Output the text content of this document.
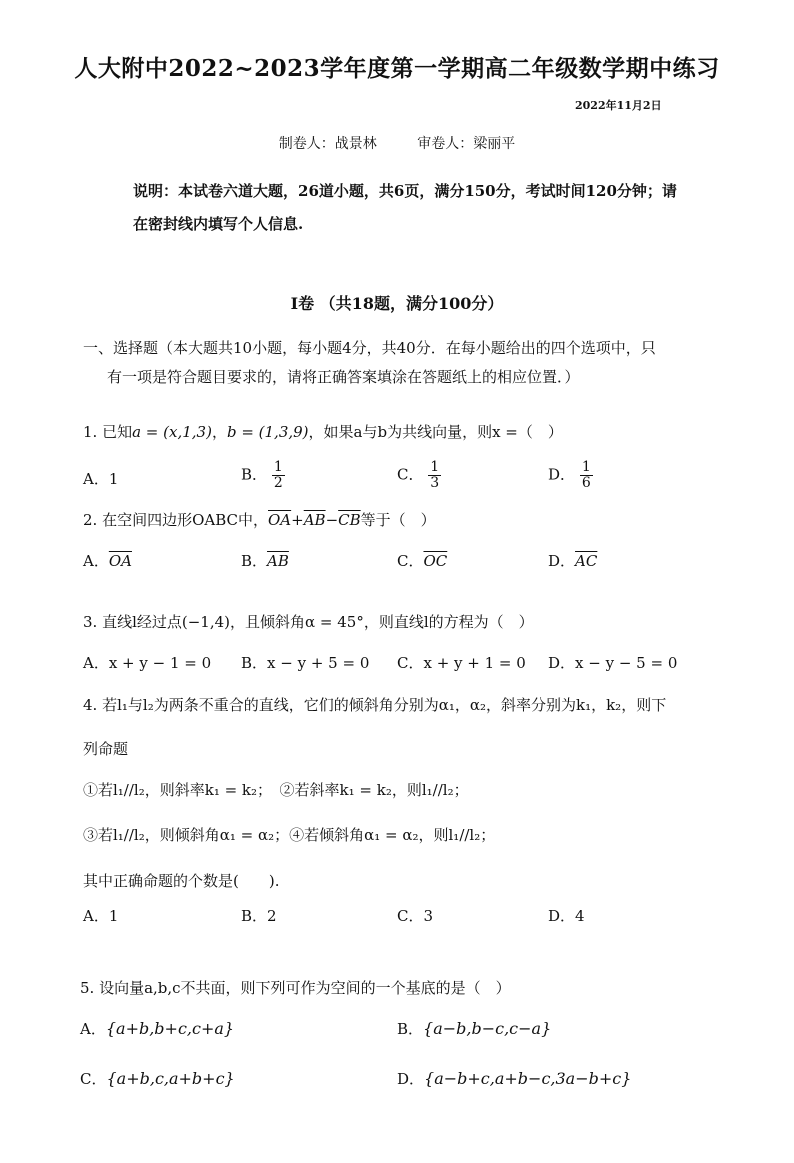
人大附中2022~2023学年度第一学期高二年级数学期中练习
2022年11月2日
制卷人：战景林	审卷人：梁丽平
说明：本试卷六道大题，26道小题，共6页，满分150分，考试时间120分钟；请
在密封线内填写个人信息.
I卷 （共18题，满分100分）
一、选择题（本大题共10小题，每小题4分，共40分．在每小题给出的四个选项中，只
有一项是符合题目要求的，请将正确答案填涂在答题纸上的相应位置．）
1. 已知a = (x,1,3)，b = (1,3,9)，如果a与b为共线向量，则x =（　）
A．1	B． $\frac{1}{2}$	C． $\frac{1}{3}$	D． $\frac{1}{6}$
2. 在空间四边形OABC中，$\overline{OA}+\overline{AB}-\overline{CB}$等于（　）
A．$\overline{OA}$	B．$\overline{AB}$	C．$\overline{OC}$	D．$\overline{AC}$
3. 直线l经过点(−1,4)，且倾斜角α = 45°，则直线l的方程为（　）
A．x + y − 1 = 0 B．x − y + 5 = 0 C．x + y + 1 = 0 D．x − y − 5 = 0
4. 若l₁与l₂为两条不重合的直线，它们的倾斜角分别为α₁，α₂，斜率分别为k₁，k₂，则下
列命题
①若l₁//l₂，则斜率k₁ = k₂；　②若斜率k₁ = k₂，则l₁//l₂；
③若l₁//l₂，则倾斜角α₁ = α₂；④若倾斜角α₁ = α₂，则l₁//l₂；
其中正确命题的个数是(　　).
A．1	B．2	C．3	D．4
5. 设向量a,b,c不共面，则下列可作为空间的一个基底的是（　）
A．{a+b,b+c,c+a}	B．{a−b,b−c,c−a}
C．{a+b,c,a+b+c}	D．{a−b+c,a+b−c,3a−b+c}
